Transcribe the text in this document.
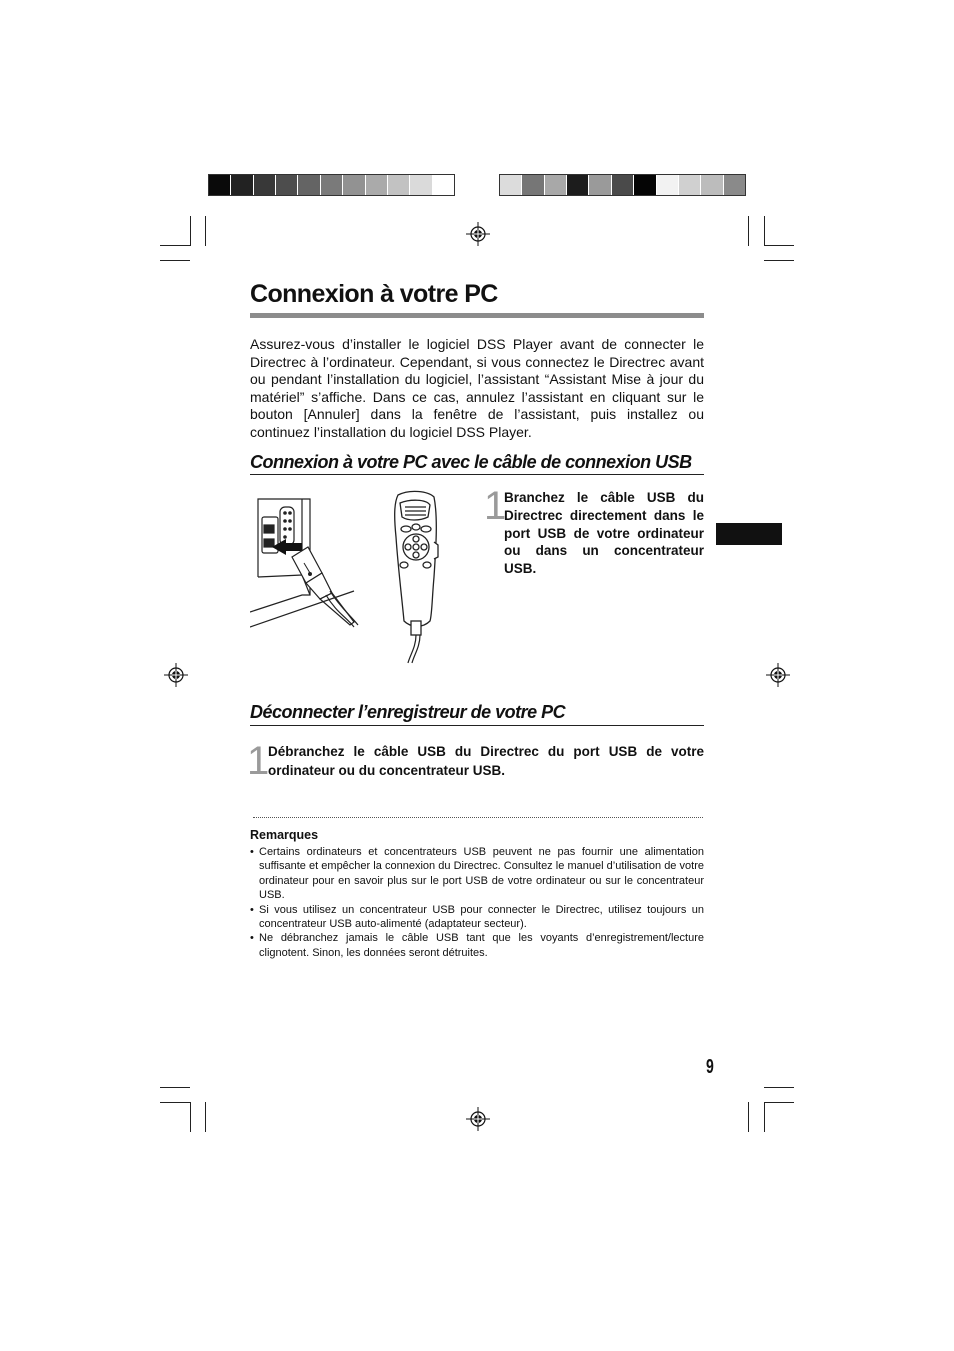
Connexion à votre PC

Assurez-vous d’installer le logiciel DSS Player avant de connecter le Directrec à l’ordinateur. Cependant, si vous connectez le Directrec avant ou pendant l’installation du logiciel, l’assistant “Assistant Mise à jour du matériel” s’affiche. Dans ce cas, annulez l’assistant en cliquant sur le bouton [Annuler] dans la fenêtre de l’assistant, puis installez ou continuez l’installation du logiciel DSS Player.

Connexion à votre PC avec le câble de connexion USB
1

Branchez le câble USB du Directrec directement dans le port USB de votre ordinateur ou dans un concentrateur USB.

Déconnecter l’enregistreur de votre PC
1

Débranchez le câble USB du Directrec du port USB de votre ordinateur ou du concentrateur USB.

Remarques
• Certains ordinateurs et concentrateurs USB peuvent ne pas fournir une alimentation suffisante et empêcher la connexion du Directrec. Consultez le manuel d’utilisation de votre ordinateur pour en savoir plus sur le port USB de votre ordinateur ou sur le concentrateur USB.
• Si vous utilisez un concentrateur USB pour connecter le Directrec, utilisez toujours un concentrateur USB auto-alimenté (adaptateur secteur).
• Ne débranchez jamais le câble USB tant que les voyants d’enregistrement/lecture clignotent. Sinon, les données seront détruites.
9
